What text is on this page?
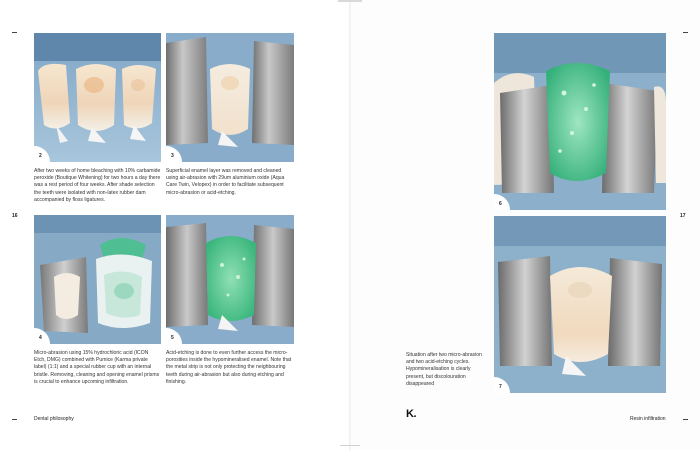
16	17
2

After two weeks of home bleaching with 10% carbamide peroxide (Boutique Whitening) for two hours a day there was a rest period of four weeks. After shade selection the teeth were isolated with non-latex rubber dam accompanied by floss ligatures.

3

Superficial enamel layer was removed and cleaned using air-abrasion with 29um aluminium oxide (Aqua Care Twin, Velopex) in order to facilitate subsequent micro-abrasion or acid-etching.

4

Micro-abrasion using 15% hydrochloric acid (ICON Etch, DMG) combined with Pumice (Karma private label) (1:1) and a special rubber cup with an internal bristle. Removing, cleaning and opening enamel prisms is crucial to enhance upcoming infiltration.

5

Acid-etching is done to even further access the micro-porosities inside the hypomineralised enamel. Note that the metal strip is not only protecting the neighbouring teeth during air-abrasion but also during etching and finishing.

6
7

Situation after two micro-abrasion and two acid-etching cycles. Hypomineralisation is clearly present, but discolouration disappeared

Dental philosophy	K.	Resin infiltration
